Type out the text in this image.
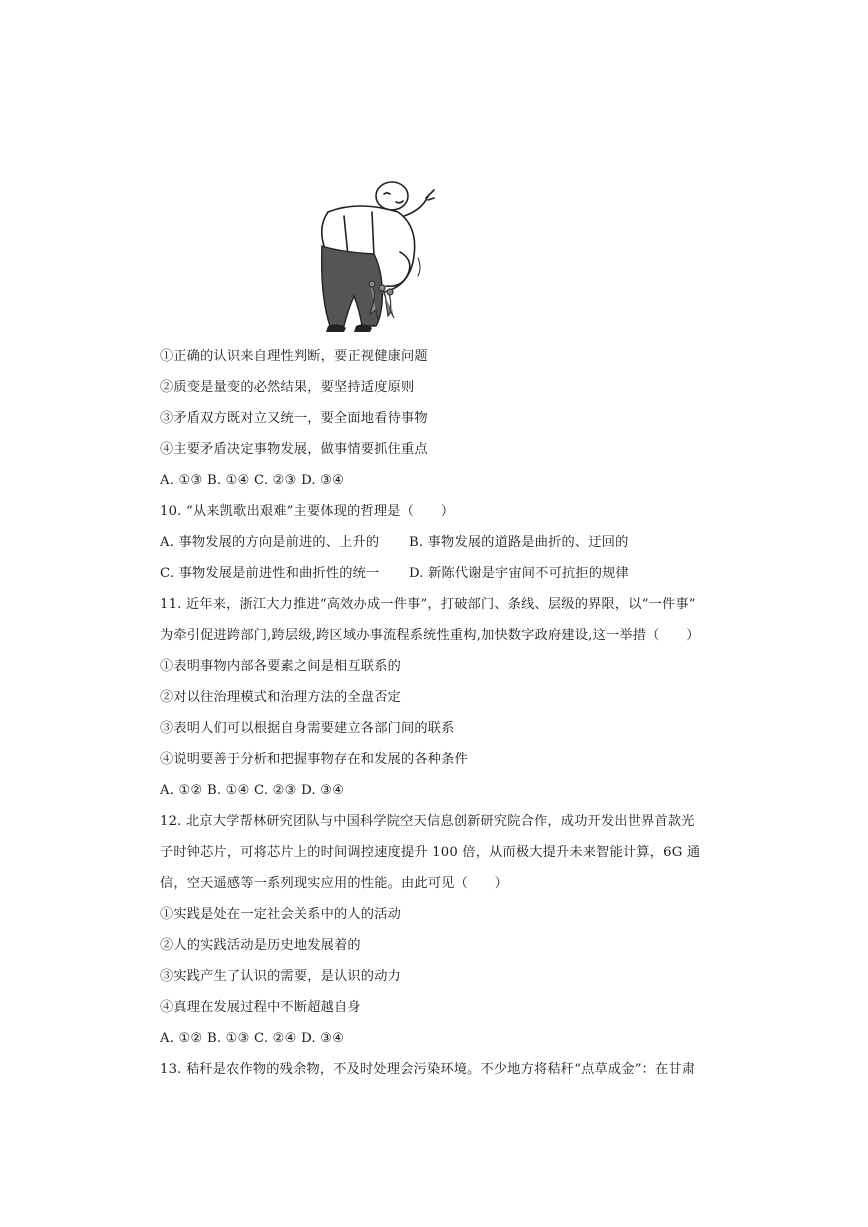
①正确的认识来自理性判断，要正视健康问题
②质变是量变的必然结果，要坚持适度原则
③矛盾双方既对立又统一，要全面地看待事物
④主要矛盾决定事物发展，做事情要抓住重点
A. ①③ B. ①④ C. ②③ D. ③④
10. “从来凯歌出艰难”主要体现的哲理是（　　）
A. 事物发展的方向是前进的、上升的 B. 事物发展的道路是曲折的、迂回的
C. 事物发展是前进性和曲折性的统一 D. 新陈代谢是宇宙间不可抗拒的规律
11. 近年来，浙江大力推进“高效办成一件事”，打破部门、条线、层级的界限，以“一件事”
为牵引促进跨部门,跨层级,跨区域办事流程系统性重构,加快数字政府建设,这一举措（　　）
①表明事物内部各要素之间是相互联系的
②对以往治理模式和治理方法的全盘否定
③表明人们可以根据自身需要建立各部门间的联系
④说明要善于分析和把握事物存在和发展的各种条件
A. ①② B. ①④ C. ②③ D. ③④
12. 北京大学帮林研究团队与中国科学院空天信息创新研究院合作，成功开发出世界首款光
子时钟芯片，可将芯片上的时间调控速度提升 100 倍，从而极大提升未来智能计算，6G 通
信，空天遥感等一系列现实应用的性能。由此可见（　　）
①实践是处在一定社会关系中的人的活动
②人的实践活动是历史地发展着的
③实践产生了认识的需要，是认识的动力
④真理在发展过程中不断超越自身
A. ①② B. ①③ C. ②④ D. ③④
13. 秸秆是农作物的残余物，不及时处理会污染环境。不少地方将秸秆“点草成金”：在甘肃
